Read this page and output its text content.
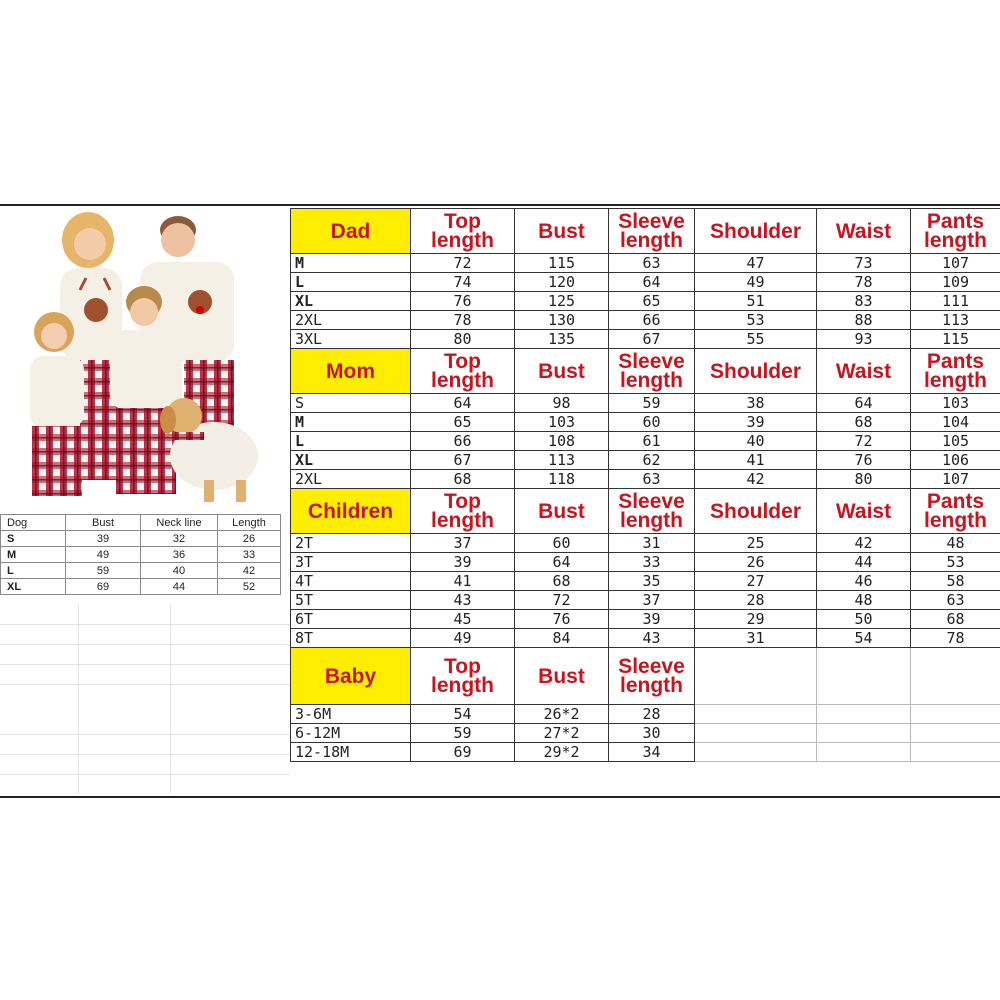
Dog	Bust	Neck line	Length
S	39	32	26
M	49	36	33
L	59	40	42
XL	69	44	52
Dad	Top length	Bust	Sleeve length	Shoulder	Waist	Pants length
M	72	115	63	47	73	107
L	74	120	64	49	78	109
XL	76	125	65	51	83	111
2XL	78	130	66	53	88	113
3XL	80	135	67	55	93	115
Mom	Top length	Bust	Sleeve length	Shoulder	Waist	Pants length
S	64	98	59	38	64	103
M	65	103	60	39	68	104
L	66	108	61	40	72	105
XL	67	113	62	41	76	106
2XL	68	118	63	42	80	107
Children	Top length	Bust	Sleeve length	Shoulder	Waist	Pants length
2T	37	60	31	25	42	48
3T	39	64	33	26	44	53
4T	41	68	35	27	46	58
5T	43	72	37	28	48	63
6T	45	76	39	29	50	68
8T	49	84	43	31	54	78
Baby	Top length	Bust	Sleeve length			
3-6M	54	26*2	28			
6-12M	59	27*2	30			
12-18M	69	29*2	34			
